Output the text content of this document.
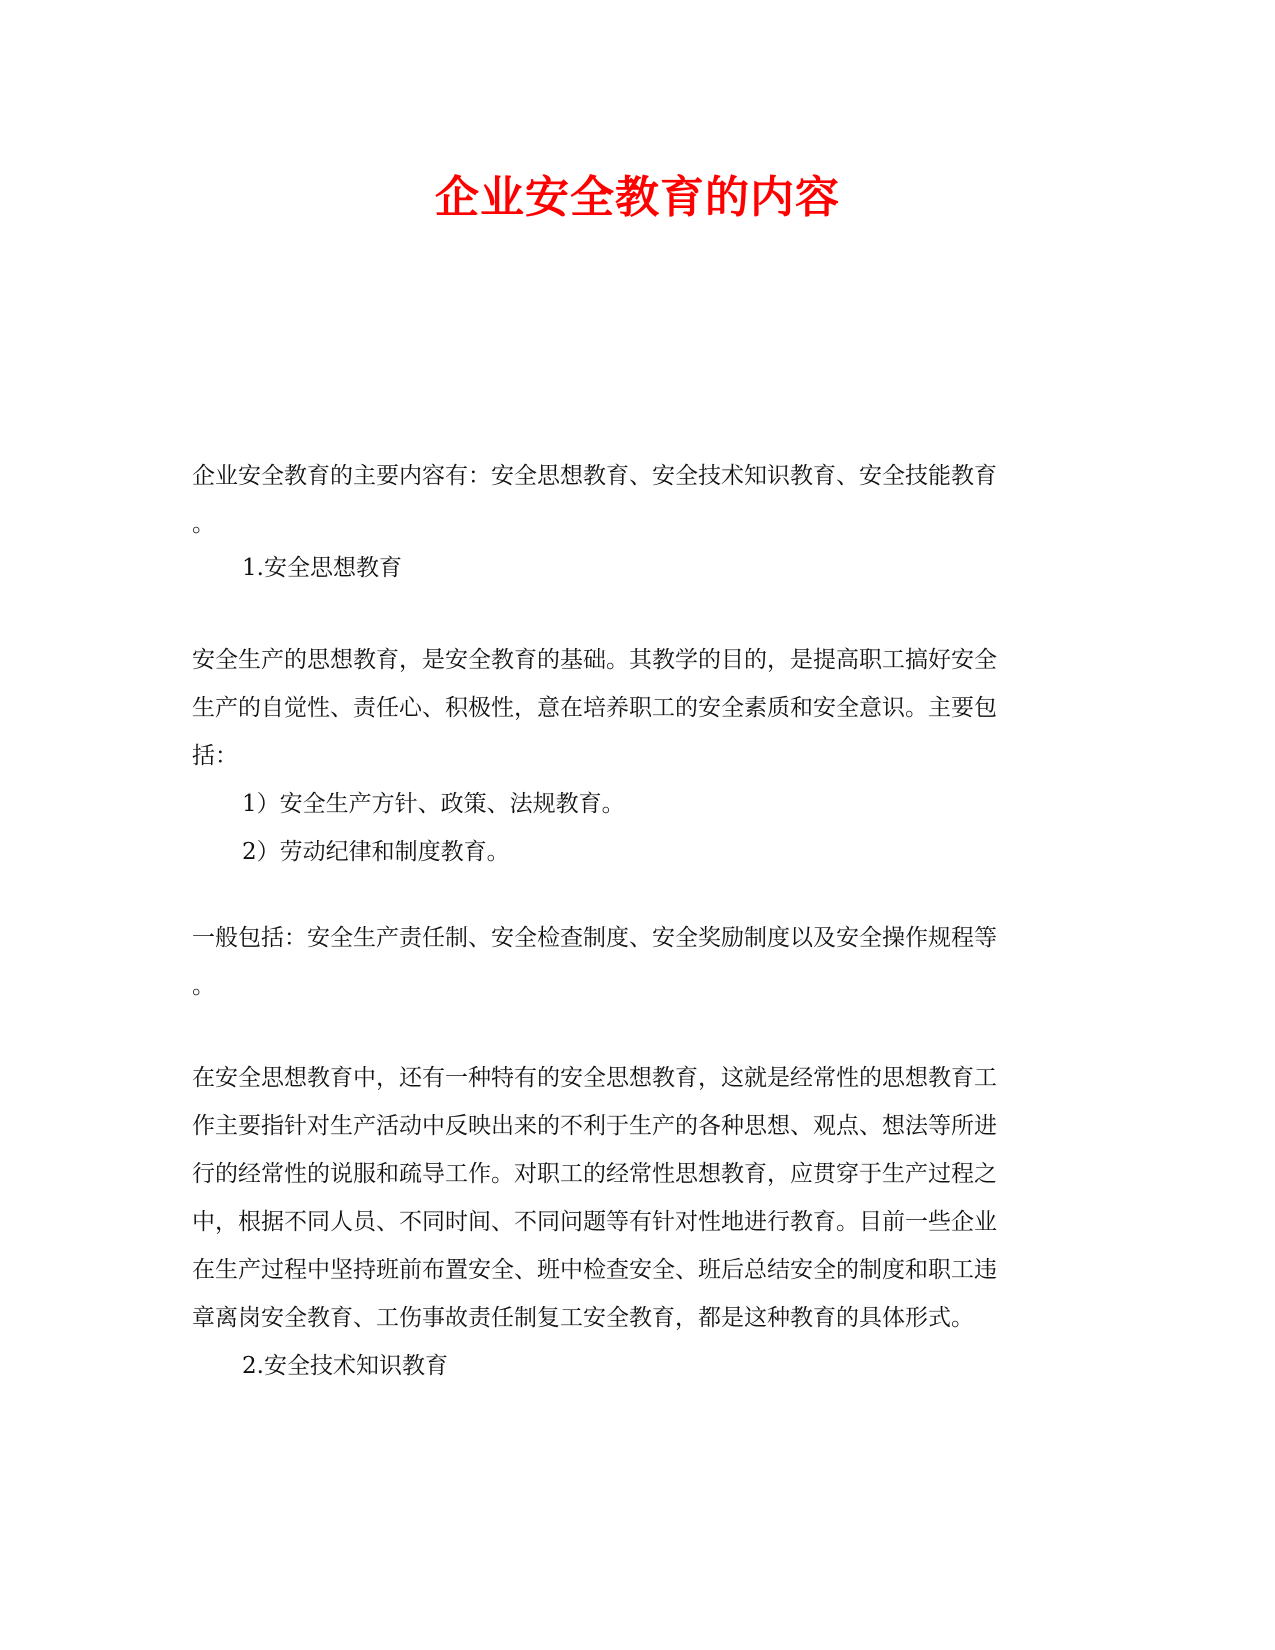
企业安全教育的内容

企业安全教育的主要内容有：安全思想教育、安全技术知识教育、安全技能教育

。

1.安全思想教育

安全生产的思想教育，是安全教育的基础。其教学的目的，是提高职工搞好安全

生产的自觉性、责任心、积极性，意在培养职工的安全素质和安全意识。主要包

括：

1）安全生产方针、政策、法规教育。

2）劳动纪律和制度教育。

一般包括：安全生产责任制、安全检查制度、安全奖励制度以及安全操作规程等

。

在安全思想教育中，还有一种特有的安全思想教育，这就是经常性的思想教育工

作主要指针对生产活动中反映出来的不利于生产的各种思想、观点、想法等所进

行的经常性的说服和疏导工作。对职工的经常性思想教育，应贯穿于生产过程之

中，根据不同人员、不同时间、不同问题等有针对性地进行教育。目前一些企业

在生产过程中坚持班前布置安全、班中检查安全、班后总结安全的制度和职工违

章离岗安全教育、工伤事故责任制复工安全教育，都是这种教育的具体形式。

2.安全技术知识教育
